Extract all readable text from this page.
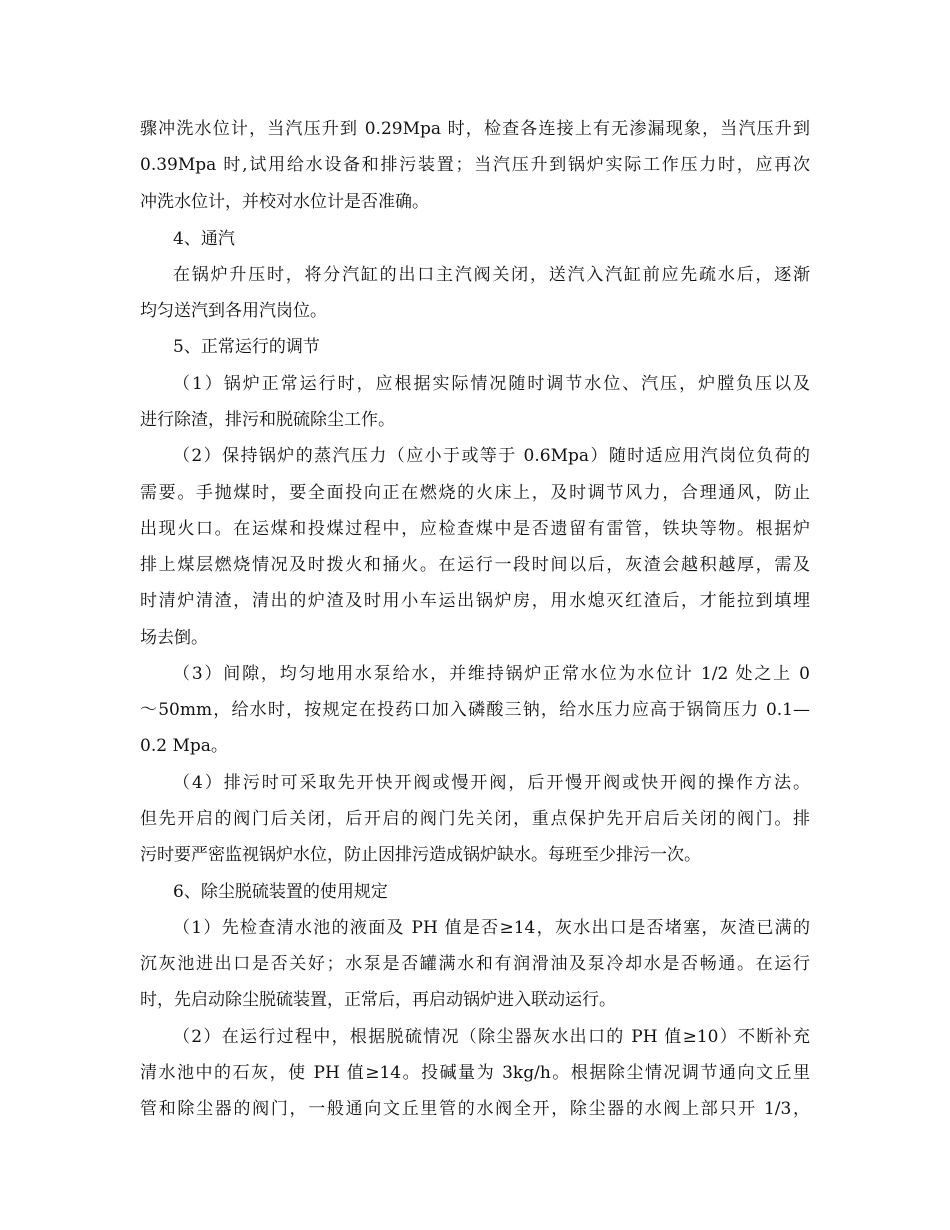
骤冲洗水位计，当汽压升到 0.29Mpa 时，检查各连接上有无渗漏现象，当汽压升到
0.39Mpa 时,试用给水设备和排污装置；当汽压升到锅炉实际工作压力时，应再次
冲洗水位计，并校对水位计是否准确。
4、通汽
在锅炉升压时，将分汽缸的出口主汽阀关闭，送汽入汽缸前应先疏水后，逐渐
均匀送汽到各用汽岗位。
5、正常运行的调节
（1）锅炉正常运行时，应根据实际情况随时调节水位、汽压，炉膛负压以及
进行除渣，排污和脱硫除尘工作。
（2）保持锅炉的蒸汽压力（应小于或等于 0.6Mpa）随时适应用汽岗位负荷的
需要。手抛煤时，要全面投向正在燃烧的火床上，及时调节风力，合理通风，防止
出现火口。在运煤和投煤过程中，应检查煤中是否遗留有雷管，铁块等物。根据炉
排上煤层燃烧情况及时拨火和捅火。在运行一段时间以后，灰渣会越积越厚，需及
时清炉清渣，清出的炉渣及时用小车运出锅炉房，用水熄灭红渣后，才能拉到填埋
场去倒。
（3）间隙，均匀地用水泵给水，并维持锅炉正常水位为水位计 1/2 处之上 0
～50mm，给水时，按规定在投药口加入磷酸三钠，给水压力应高于锅筒压力 0.1—
0.2 Mpa。
（4）排污时可采取先开快开阀或慢开阀，后开慢开阀或快开阀的操作方法。
但先开启的阀门后关闭，后开启的阀门先关闭，重点保护先开启后关闭的阀门。排
污时要严密监视锅炉水位，防止因排污造成锅炉缺水。每班至少排污一次。
6、除尘脱硫装置的使用规定
（1）先检查清水池的液面及 PH 值是否≥14，灰水出口是否堵塞，灰渣已满的
沉灰池进出口是否关好；水泵是否罐满水和有润滑油及泵冷却水是否畅通。在运行
时，先启动除尘脱硫装置，正常后，再启动锅炉进入联动运行。
（2）在运行过程中，根据脱硫情况（除尘器灰水出口的 PH 值≥10）不断补充
清水池中的石灰，使 PH 值≥14。投碱量为 3kg/h。根据除尘情况调节通向文丘里
管和除尘器的阀门，一般通向文丘里管的水阀全开，除尘器的水阀上部只开 1/3，
